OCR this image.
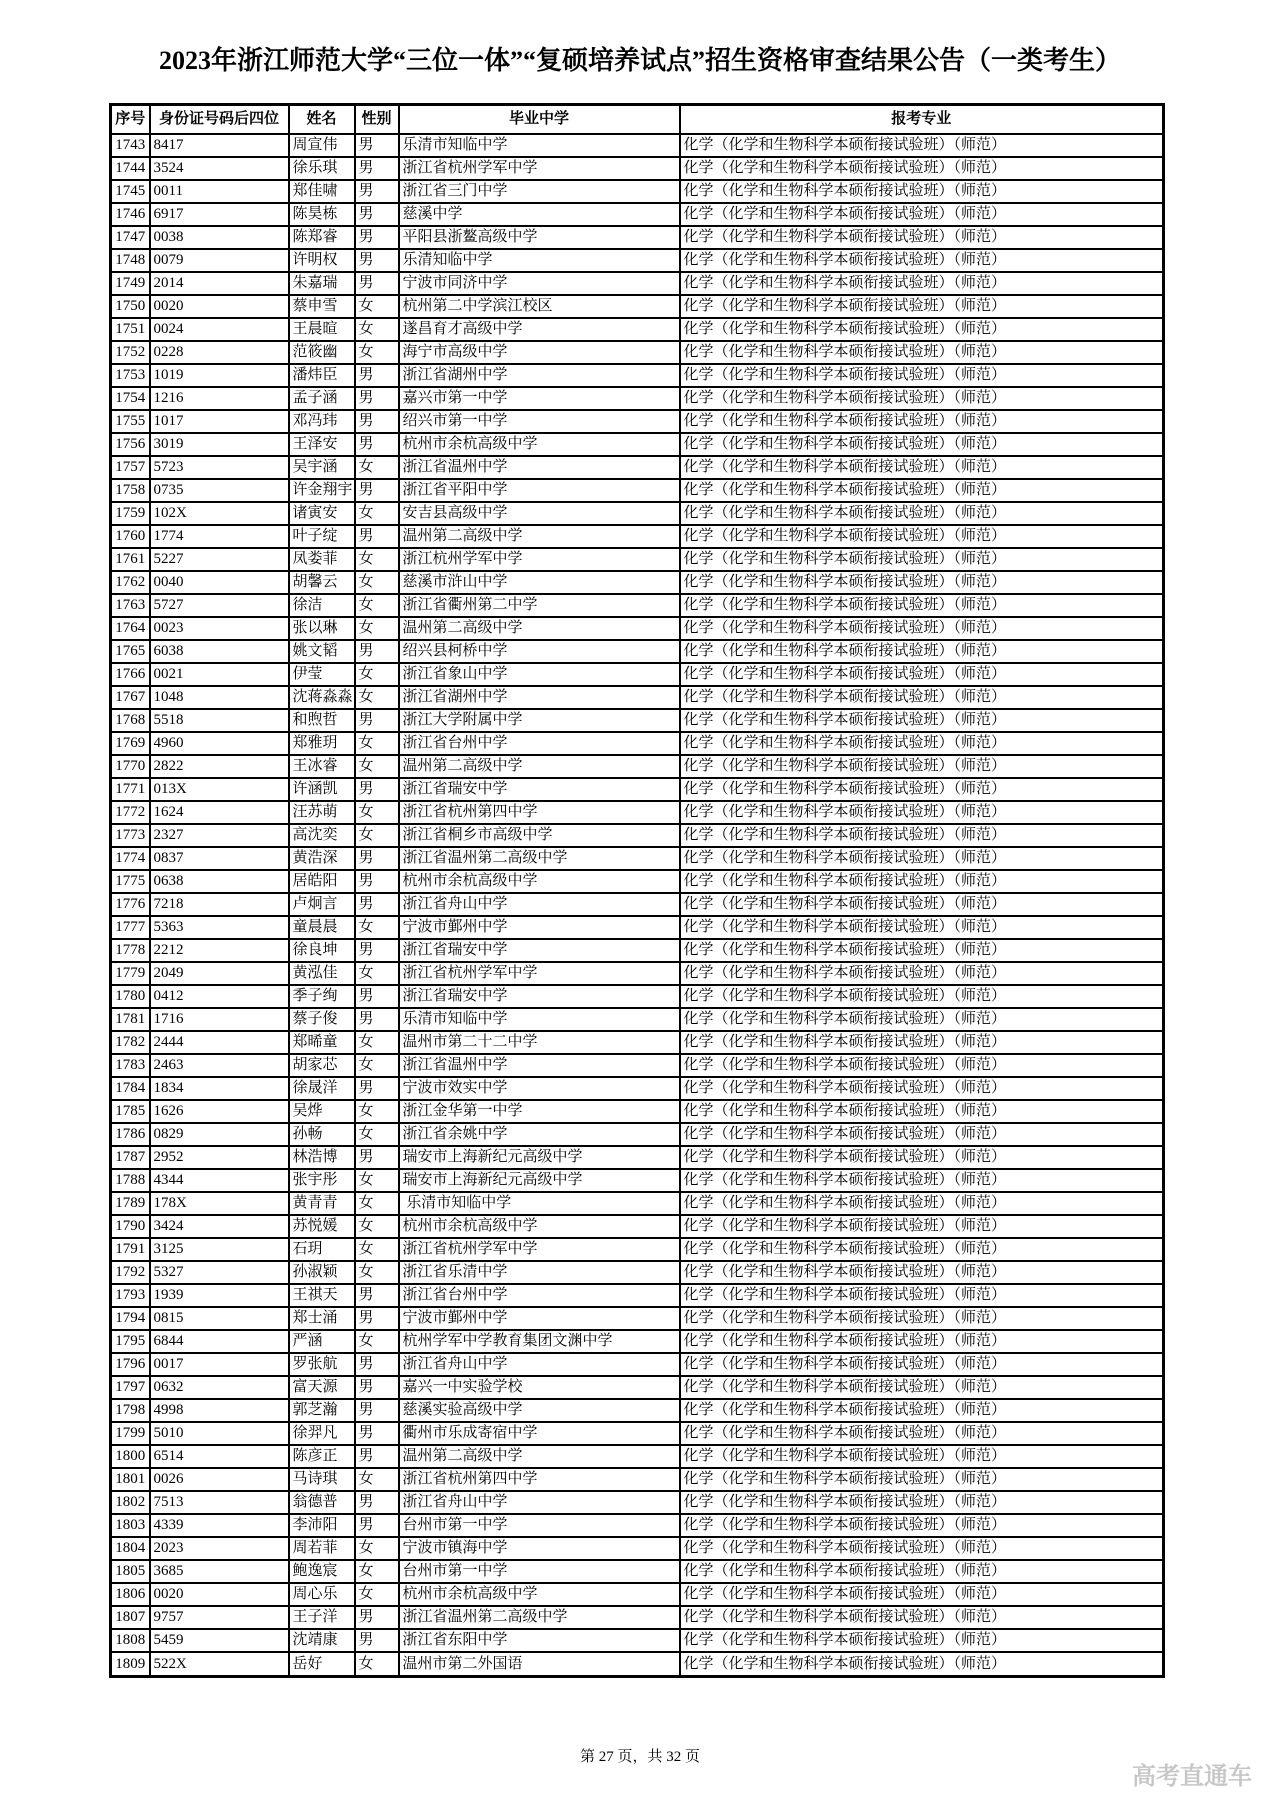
2023年浙江师范大学“三位一体”“复硕培养试点”招生资格审查结果公告（一类考生）
序号	身份证号码后四位	姓名	性别	毕业中学	报考专业
1743	8417	周宣伟	男	乐清市知临中学	化学（化学和生物科学本硕衔接试验班）（师范）
1744	3524	徐乐琪	男	浙江省杭州学军中学	化学（化学和生物科学本硕衔接试验班）（师范）
1745	0011	郑佳啸	男	浙江省三门中学	化学（化学和生物科学本硕衔接试验班）（师范）
1746	6917	陈昊栋	男	慈溪中学	化学（化学和生物科学本硕衔接试验班）（师范）
1747	0038	陈郑睿	男	平阳县浙鳌高级中学	化学（化学和生物科学本硕衔接试验班）（师范）
1748	0079	许明权	男	乐清知临中学	化学（化学和生物科学本硕衔接试验班）（师范）
1749	2014	朱嘉瑞	男	宁波市同济中学	化学（化学和生物科学本硕衔接试验班）（师范）
1750	0020	蔡申雪	女	杭州第二中学滨江校区	化学（化学和生物科学本硕衔接试验班）（师范）
1751	0024	王晨暄	女	遂昌育才高级中学	化学（化学和生物科学本硕衔接试验班）（师范）
1752	0228	范筱幽	女	海宁市高级中学	化学（化学和生物科学本硕衔接试验班）（师范）
1753	1019	潘炜臣	男	浙江省湖州中学	化学（化学和生物科学本硕衔接试验班）（师范）
1754	1216	孟子涵	男	嘉兴市第一中学	化学（化学和生物科学本硕衔接试验班）（师范）
1755	1017	邓冯玮	男	绍兴市第一中学	化学（化学和生物科学本硕衔接试验班）（师范）
1756	3019	王泽安	男	杭州市余杭高级中学	化学（化学和生物科学本硕衔接试验班）（师范）
1757	5723	吴宇涵	女	浙江省温州中学	化学（化学和生物科学本硕衔接试验班）（师范）
1758	0735	许金翔宇	男	浙江省平阳中学	化学（化学和生物科学本硕衔接试验班）（师范）
1759	102X	诸寅安	女	安吉县高级中学	化学（化学和生物科学本硕衔接试验班）（师范）
1760	1774	叶子绽	男	温州第二高级中学	化学（化学和生物科学本硕衔接试验班）（师范）
1761	5227	凤娄菲	女	浙江杭州学军中学	化学（化学和生物科学本硕衔接试验班）（师范）
1762	0040	胡馨云	女	慈溪市浒山中学	化学（化学和生物科学本硕衔接试验班）（师范）
1763	5727	徐洁	女	浙江省衢州第二中学	化学（化学和生物科学本硕衔接试验班）（师范）
1764	0023	张以琳	女	温州第二高级中学	化学（化学和生物科学本硕衔接试验班）（师范）
1765	6038	姚文韬	男	绍兴县柯桥中学	化学（化学和生物科学本硕衔接试验班）（师范）
1766	0021	伊莹	女	浙江省象山中学	化学（化学和生物科学本硕衔接试验班）（师范）
1767	1048	沈蒋淼淼	女	浙江省湖州中学	化学（化学和生物科学本硕衔接试验班）（师范）
1768	5518	和煦哲	男	浙江大学附属中学	化学（化学和生物科学本硕衔接试验班）（师范）
1769	4960	郑雅玥	女	浙江省台州中学	化学（化学和生物科学本硕衔接试验班）（师范）
1770	2822	王冰睿	女	温州第二高级中学	化学（化学和生物科学本硕衔接试验班）（师范）
1771	013X	许涵凯	男	浙江省瑞安中学	化学（化学和生物科学本硕衔接试验班）（师范）
1772	1624	汪苏萌	女	浙江省杭州第四中学	化学（化学和生物科学本硕衔接试验班）（师范）
1773	2327	高沈奕	女	浙江省桐乡市高级中学	化学（化学和生物科学本硕衔接试验班）（师范）
1774	0837	黄浩深	男	浙江省温州第二高级中学	化学（化学和生物科学本硕衔接试验班）（师范）
1775	0638	居皓阳	男	杭州市余杭高级中学	化学（化学和生物科学本硕衔接试验班）（师范）
1776	7218	卢炯言	男	浙江省舟山中学	化学（化学和生物科学本硕衔接试验班）（师范）
1777	5363	童晨晨	女	宁波市鄞州中学	化学（化学和生物科学本硕衔接试验班）（师范）
1778	2212	徐良坤	男	浙江省瑞安中学	化学（化学和生物科学本硕衔接试验班）（师范）
1779	2049	黄泓佳	女	浙江省杭州学军中学	化学（化学和生物科学本硕衔接试验班）（师范）
1780	0412	季子绚	男	浙江省瑞安中学	化学（化学和生物科学本硕衔接试验班）（师范）
1781	1716	蔡子俊	男	乐清市知临中学	化学（化学和生物科学本硕衔接试验班）（师范）
1782	2444	郑晞童	女	温州市第二十二中学	化学（化学和生物科学本硕衔接试验班）（师范）
1783	2463	胡家芯	女	浙江省温州中学	化学（化学和生物科学本硕衔接试验班）（师范）
1784	1834	徐晟洋	男	宁波市效实中学	化学（化学和生物科学本硕衔接试验班）（师范）
1785	1626	吴烨	女	浙江金华第一中学	化学（化学和生物科学本硕衔接试验班）（师范）
1786	0829	孙畅	女	浙江省余姚中学	化学（化学和生物科学本硕衔接试验班）（师范）
1787	2952	林浩博	男	瑞安市上海新纪元高级中学	化学（化学和生物科学本硕衔接试验班）（师范）
1788	4344	张宇彤	女	瑞安市上海新纪元高级中学	化学（化学和生物科学本硕衔接试验班）（师范）
1789	178X	黄青青	女	乐清市知临中学	化学（化学和生物科学本硕衔接试验班）（师范）
1790	3424	苏悦媛	女	杭州市余杭高级中学	化学（化学和生物科学本硕衔接试验班）（师范）
1791	3125	石玥	女	浙江省杭州学军中学	化学（化学和生物科学本硕衔接试验班）（师范）
1792	5327	孙淑颖	女	浙江省乐清中学	化学（化学和生物科学本硕衔接试验班）（师范）
1793	1939	王祺天	男	浙江省台州中学	化学（化学和生物科学本硕衔接试验班）（师范）
1794	0815	郑士涌	男	宁波市鄞州中学	化学（化学和生物科学本硕衔接试验班）（师范）
1795	6844	严涵	女	杭州学军中学教育集团文渊中学	化学（化学和生物科学本硕衔接试验班）（师范）
1796	0017	罗张航	男	浙江省舟山中学	化学（化学和生物科学本硕衔接试验班）（师范）
1797	0632	富天源	男	嘉兴一中实验学校	化学（化学和生物科学本硕衔接试验班）（师范）
1798	4998	郭芝瀚	男	慈溪实验高级中学	化学（化学和生物科学本硕衔接试验班）（师范）
1799	5010	徐羿凡	男	衢州市乐成寄宿中学	化学（化学和生物科学本硕衔接试验班）（师范）
1800	6514	陈彦正	男	温州第二高级中学	化学（化学和生物科学本硕衔接试验班）（师范）
1801	0026	马诗琪	女	浙江省杭州第四中学	化学（化学和生物科学本硕衔接试验班）（师范）
1802	7513	翁德普	男	浙江省舟山中学	化学（化学和生物科学本硕衔接试验班）（师范）
1803	4339	李沛阳	男	台州市第一中学	化学（化学和生物科学本硕衔接试验班）（师范）
1804	2023	周若菲	女	宁波市镇海中学	化学（化学和生物科学本硕衔接试验班）（师范）
1805	3685	鲍逸宸	女	台州市第一中学	化学（化学和生物科学本硕衔接试验班）（师范）
1806	0020	周心乐	女	杭州市余杭高级中学	化学（化学和生物科学本硕衔接试验班）（师范）
1807	9757	王子洋	男	浙江省温州第二高级中学	化学（化学和生物科学本硕衔接试验班）（师范）
1808	5459	沈靖康	男	浙江省东阳中学	化学（化学和生物科学本硕衔接试验班）（师范）
1809	522X	岳好	女	温州市第二外国语	化学（化学和生物科学本硕衔接试验班）（师范）
第 27 页，共 32 页
高考直通车
